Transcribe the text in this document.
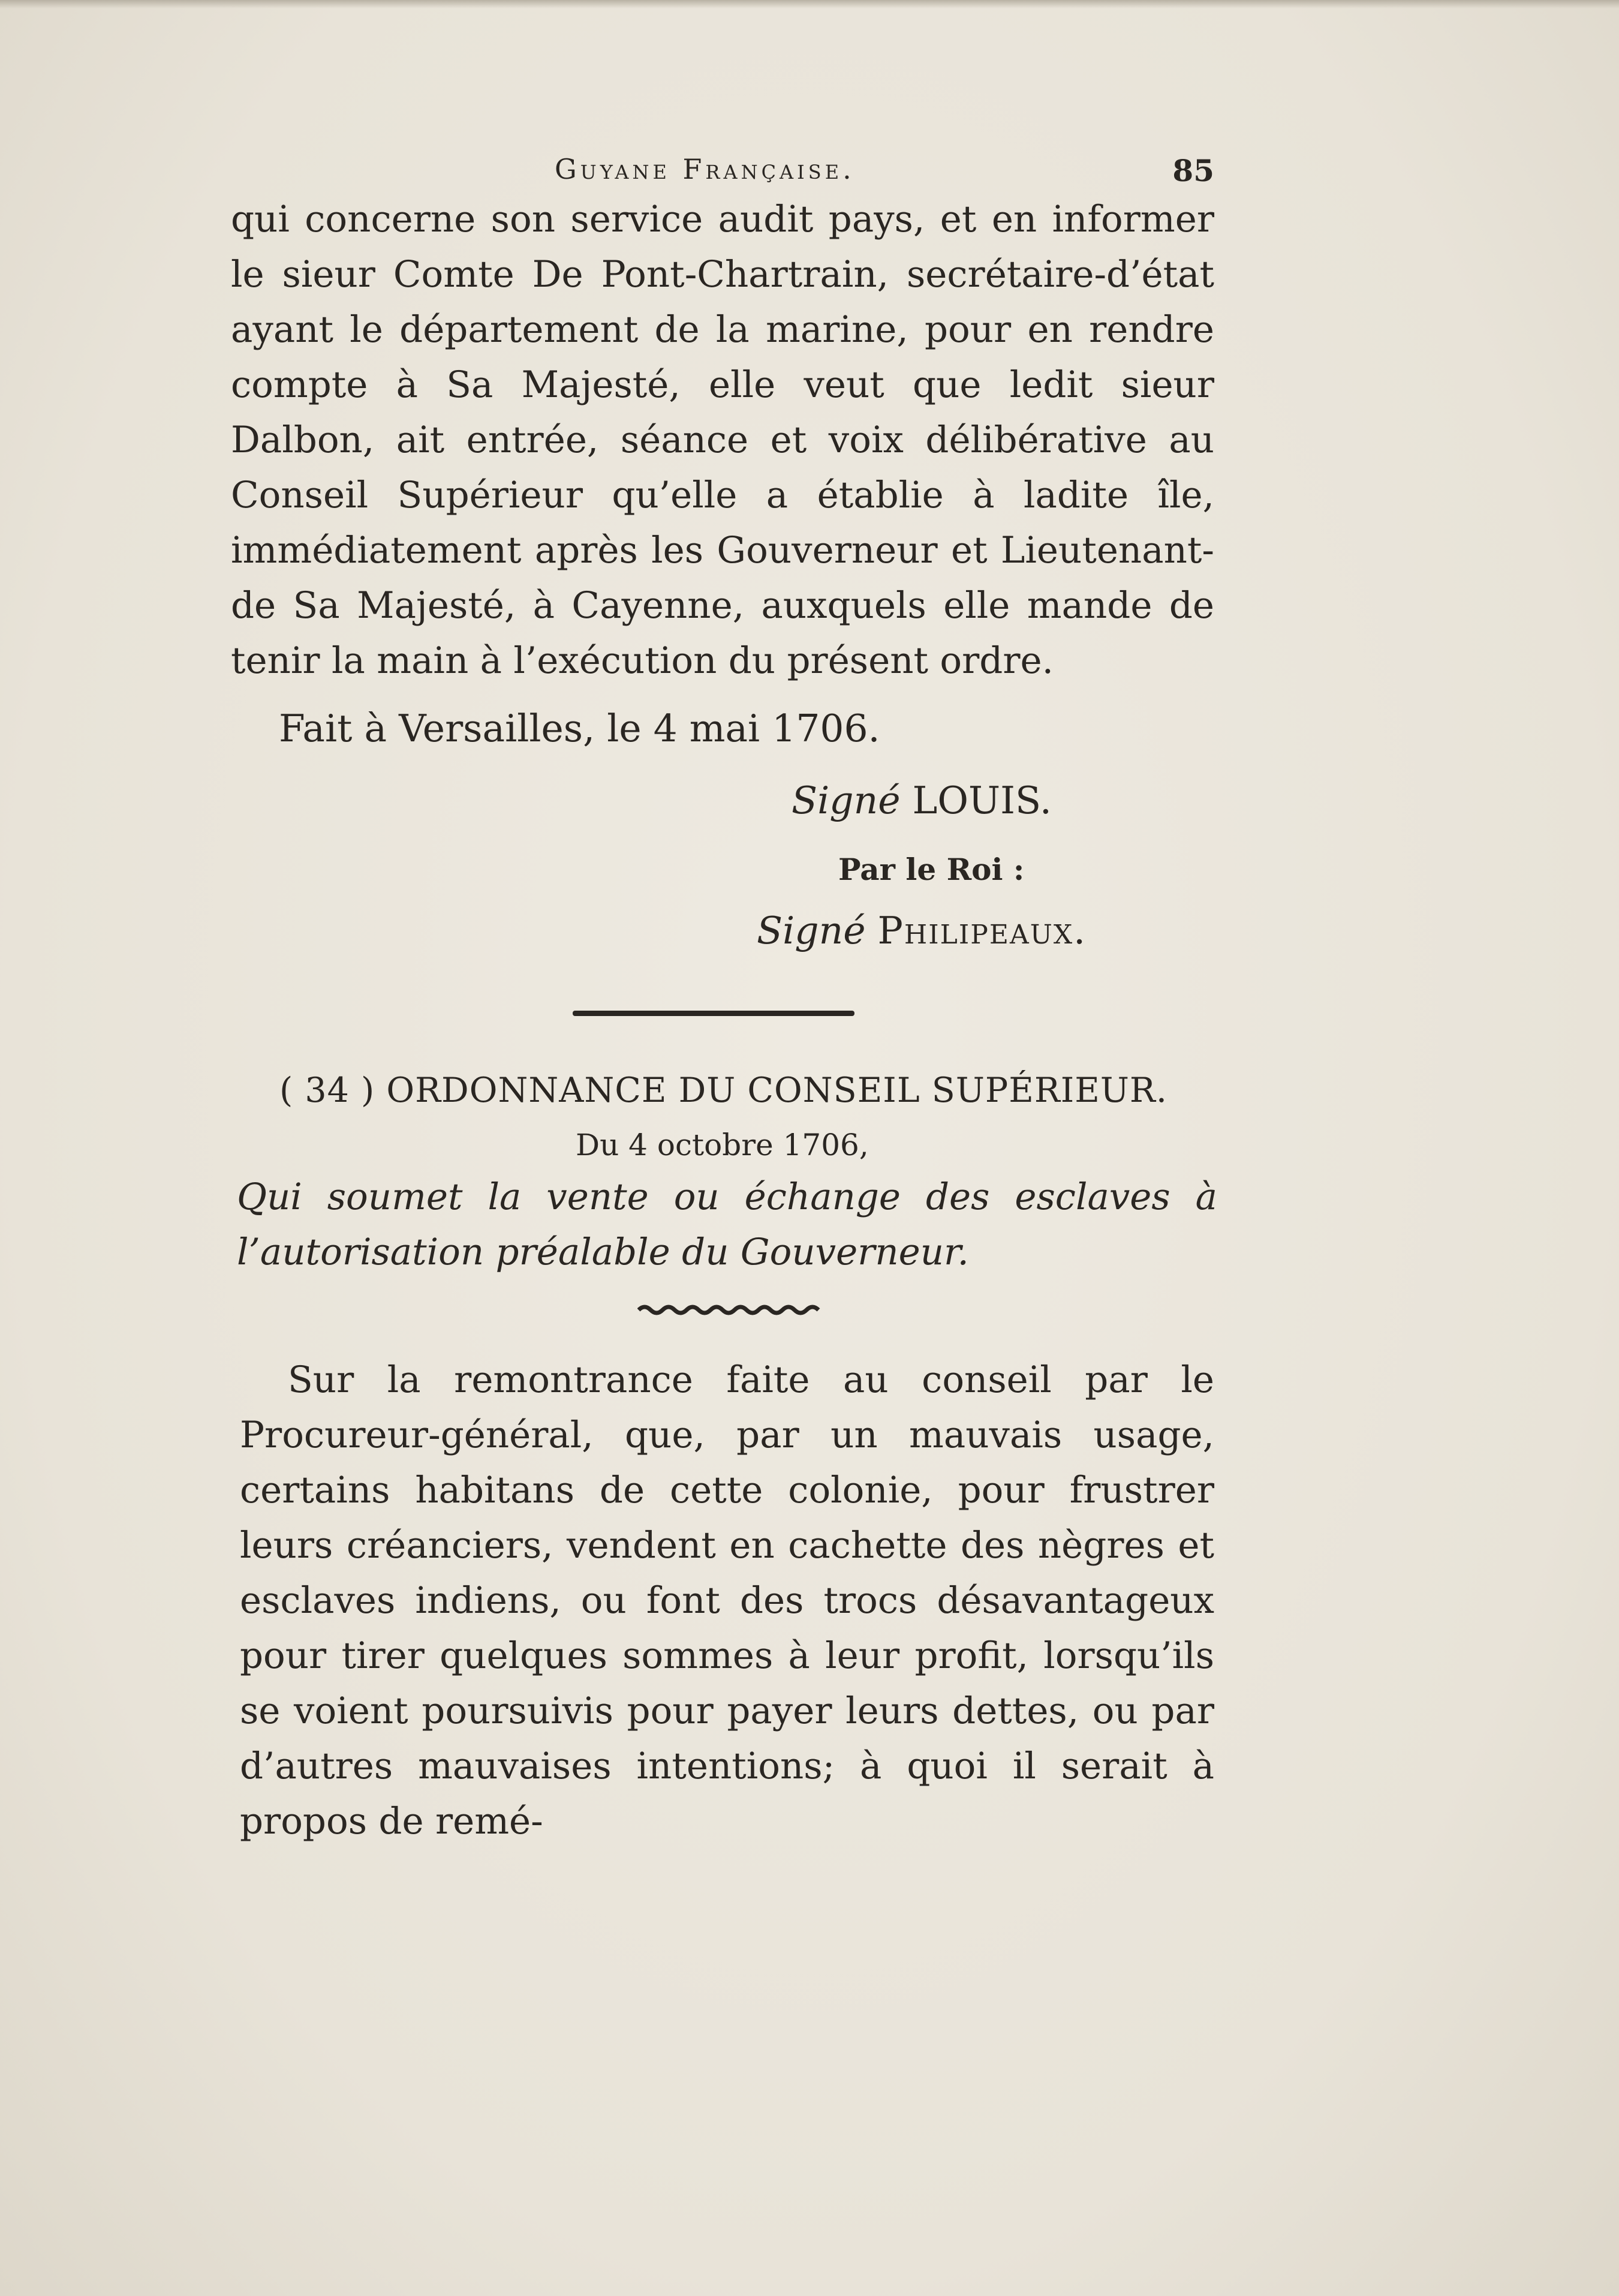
Guyane Française.	85

qui concerne son service audit pays, et en informer le sieur Comte De Pont-Chartrain, secrétaire-d’état ayant le département de la marine, pour en rendre compte à Sa Majesté, elle veut que ledit sieur Dalbon, ait entrée, séance et voix délibérative au Conseil Supérieur qu’elle a établie à ladite île, immédiatement après les Gouverneur et Lieutenant-de Sa Majesté, à Cayenne, auxquels elle mande de tenir la main à l’exécution du présent ordre.

Fait à Versailles, le 4 mai 1706.
Signé LOUIS.
Par le Roi :
Signé Philipeaux.
( 34 ) ORDONNANCE DU CONSEIL SUPÉRIEUR.
Du 4 octobre 1706,
Qui soumet la vente ou échange des esclaves à l’autorisation préalable du Gouverneur.

Sur la remontrance faite au conseil par le Procureur-général, que, par un mauvais usage, certains habitans de cette colonie, pour frustrer leurs créanciers, vendent en cachette des nègres et esclaves indiens, ou font des trocs désavantageux pour tirer quelques sommes à leur profit, lorsqu’ils se voient poursuivis pour payer leurs dettes, ou par d’autres mauvaises intentions; à quoi il serait à propos de remé-
